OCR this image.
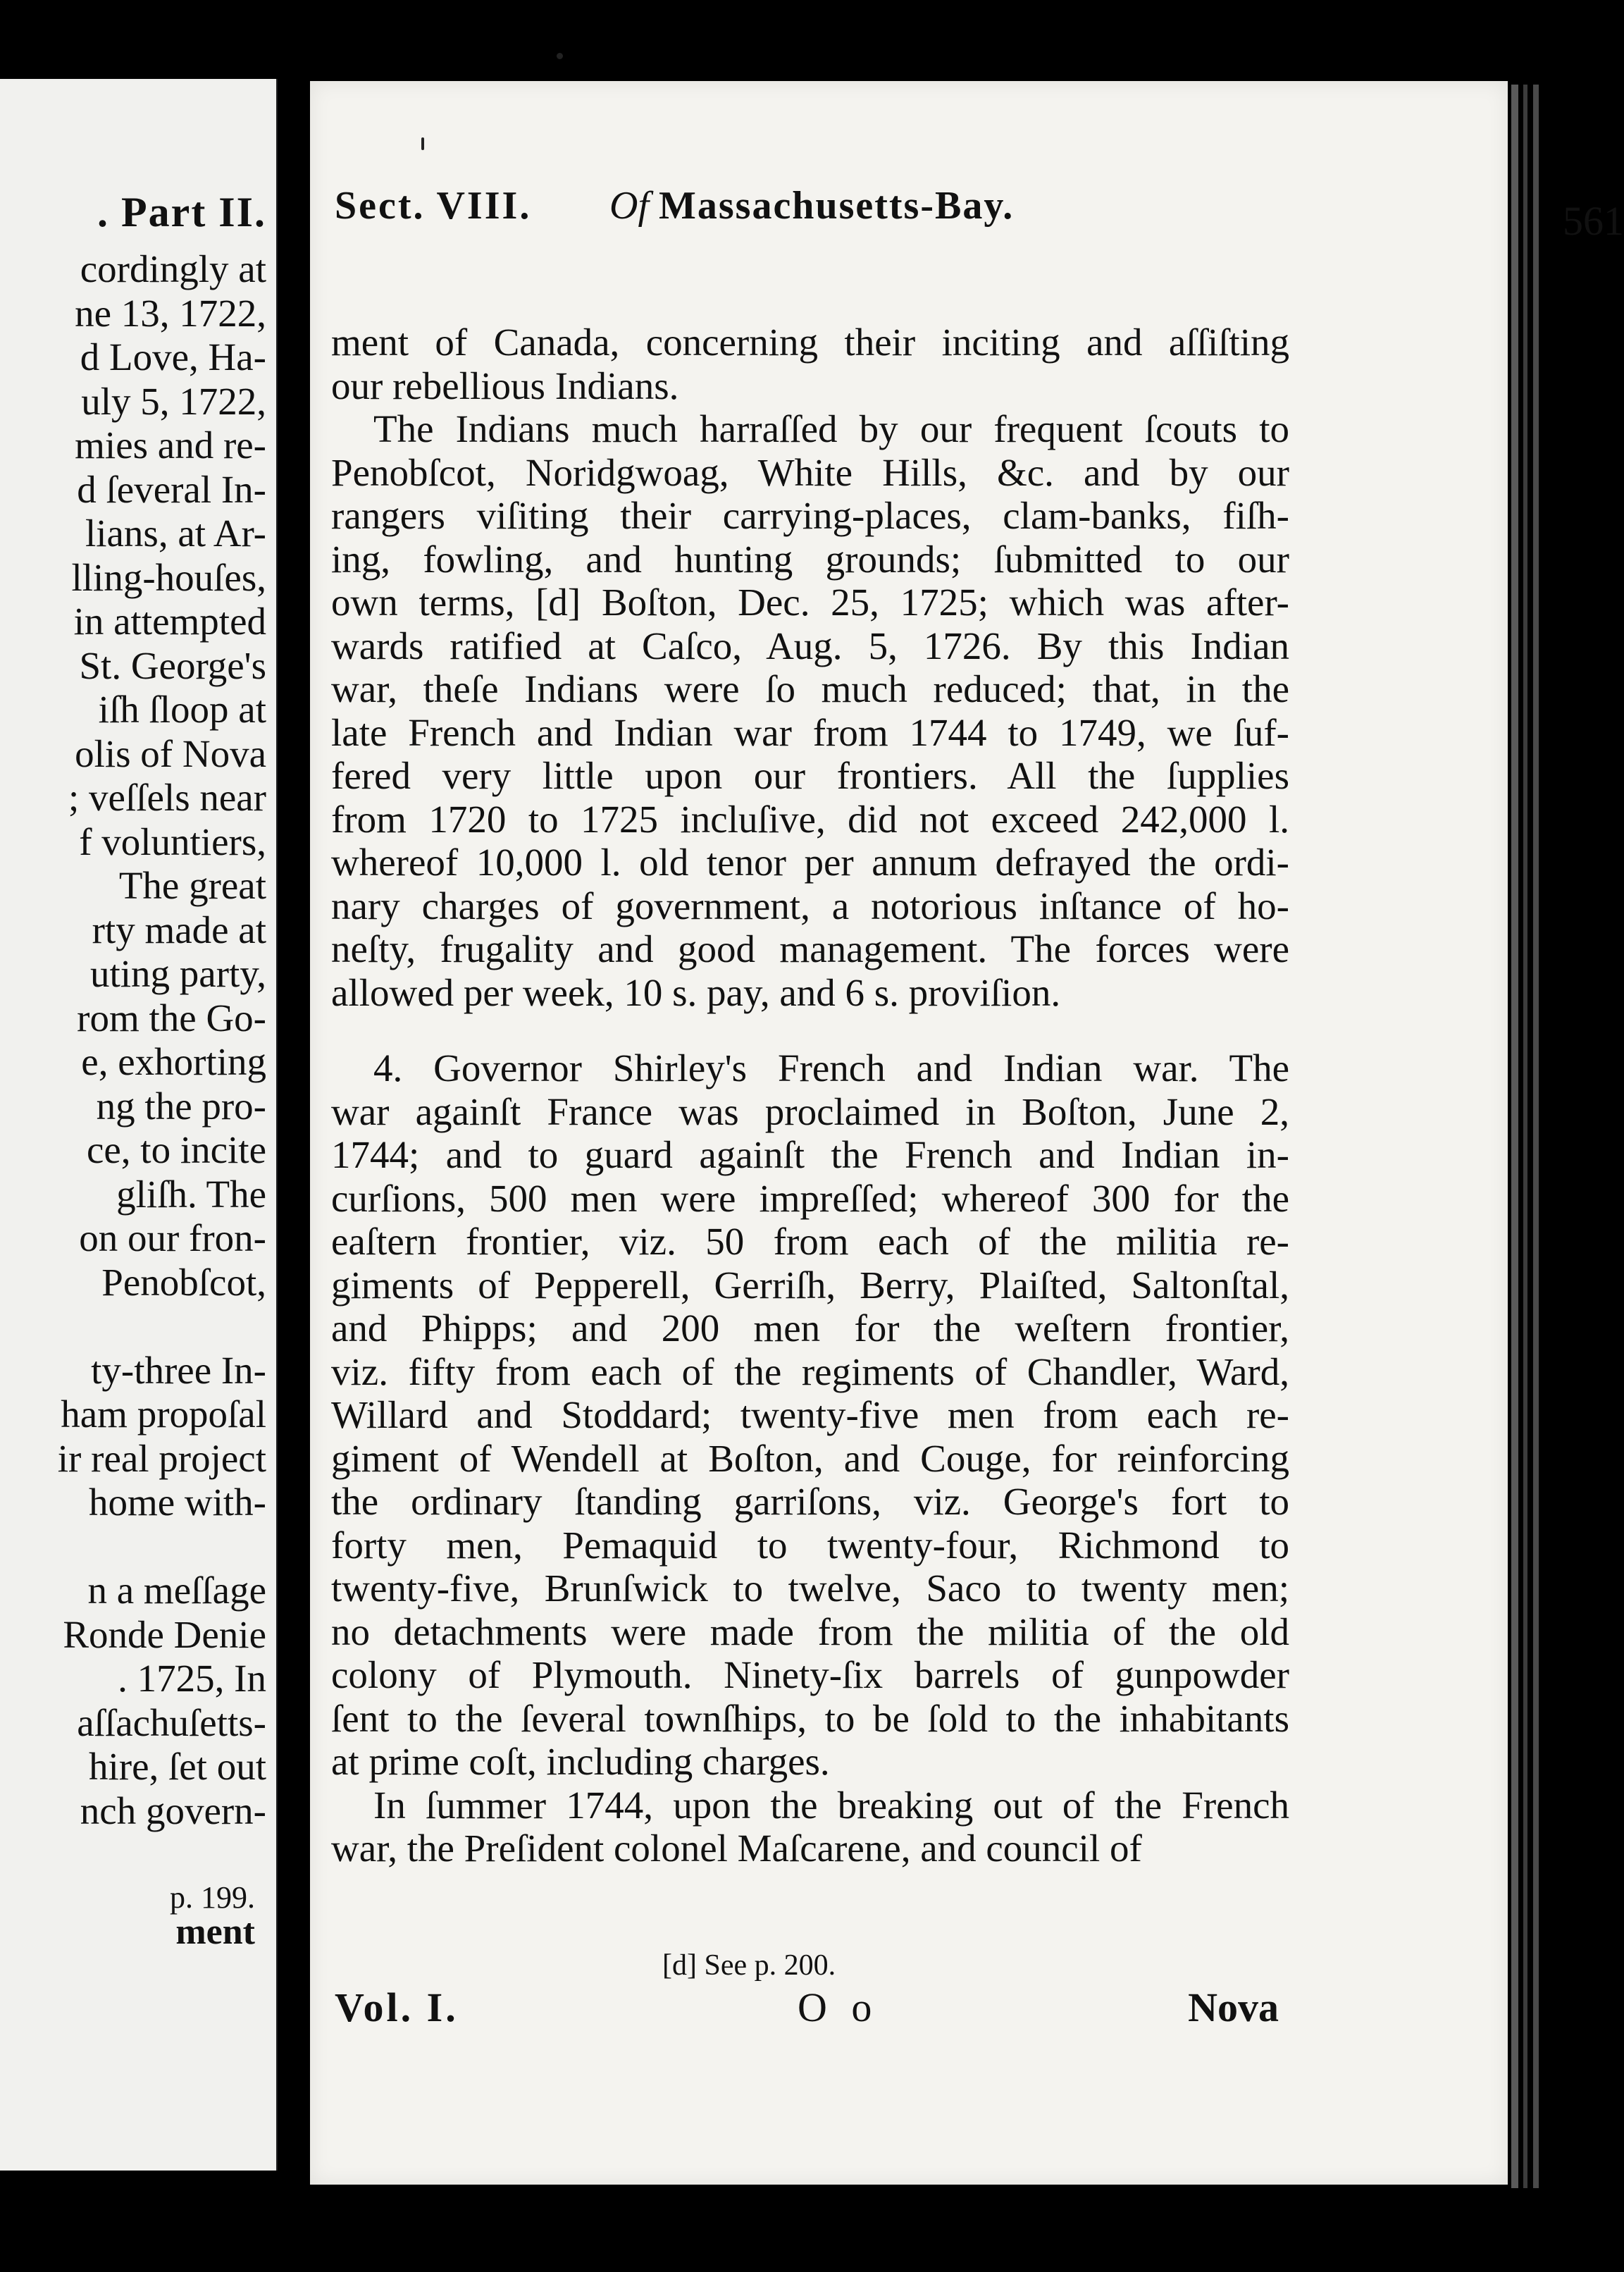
. Part II.
cordingly at
ne 13, 1722,
d Love, Ha-
uly 5, 1722,
mies and re-
d ſeveral In-
lians, at Ar-
lling-houſes,
in attempted
St. George's
iſh ſloop at
olis of Nova
; veſſels near
f voluntiers,
The great
rty made at
uting party,
rom the Go-
e, exhorting
ng the pro-
ce, to incite
gliſh. The
on our fron-
Penobſcot,
ty-three In-
ham propoſal
ir real project
home with-
n a meſſage
Ronde Denie
. 1725, In
aſſachuſetts-
hire, ſet out
nch govern-
p. 199.
ment
Sect. VIII.	Of Massachusetts-Bay.	561
ment of Canada, concerning their inciting and aſſiſting
our rebellious Indians.
The Indians much harraſſed by our frequent ſcouts to
Penobſcot, Noridgwoag, White Hills, &c. and by our
rangers viſiting their carrying-places, clam-banks, fiſh-
ing, fowling, and hunting grounds; ſubmitted to our
own terms, [d] Boſton, Dec. 25, 1725; which was after-
wards ratified at Caſco, Aug. 5, 1726. By this Indian
war, theſe Indians were ſo much reduced; that, in the
late French and Indian war from 1744 to 1749, we ſuf-
fered very little upon our frontiers. All the ſupplies
from 1720 to 1725 incluſive, did not exceed 242,000 l.
whereof 10,000 l. old tenor per annum defrayed the ordi-
nary charges of government, a notorious inſtance of ho-
neſty, frugality and good management. The forces were
allowed per week, 10 s. pay, and 6 s. proviſion.
4. Governor Shirley's French and Indian war. The
war againſt France was proclaimed in Boſton, June 2,
1744; and to guard againſt the French and Indian in-
curſions, 500 men were impreſſed; whereof 300 for the
eaſtern frontier, viz. 50 from each of the militia re-
giments of Pepperell, Gerriſh, Berry, Plaiſted, Saltonſtal,
and Phipps; and 200 men for the weſtern frontier,
viz. fifty from each of the regiments of Chandler, Ward,
Willard and Stoddard; twenty-five men from each re-
giment of Wendell at Boſton, and Couge, for reinforcing
the ordinary ſtanding garriſons, viz. George's fort to
forty men, Pemaquid to twenty-four, Richmond to
twenty-five, Brunſwick to twelve, Saco to twenty men;
no detachments were made from the militia of the old
colony of Plymouth. Ninety-ſix barrels of gunpowder
ſent to the ſeveral townſhips, to be ſold to the inhabitants
at prime coſt, including charges.
In ſummer 1744, upon the breaking out of the French
war, the Preſident colonel Maſcarene, and council of
[d] See p. 200.
Vol. I.	O o	Nova
